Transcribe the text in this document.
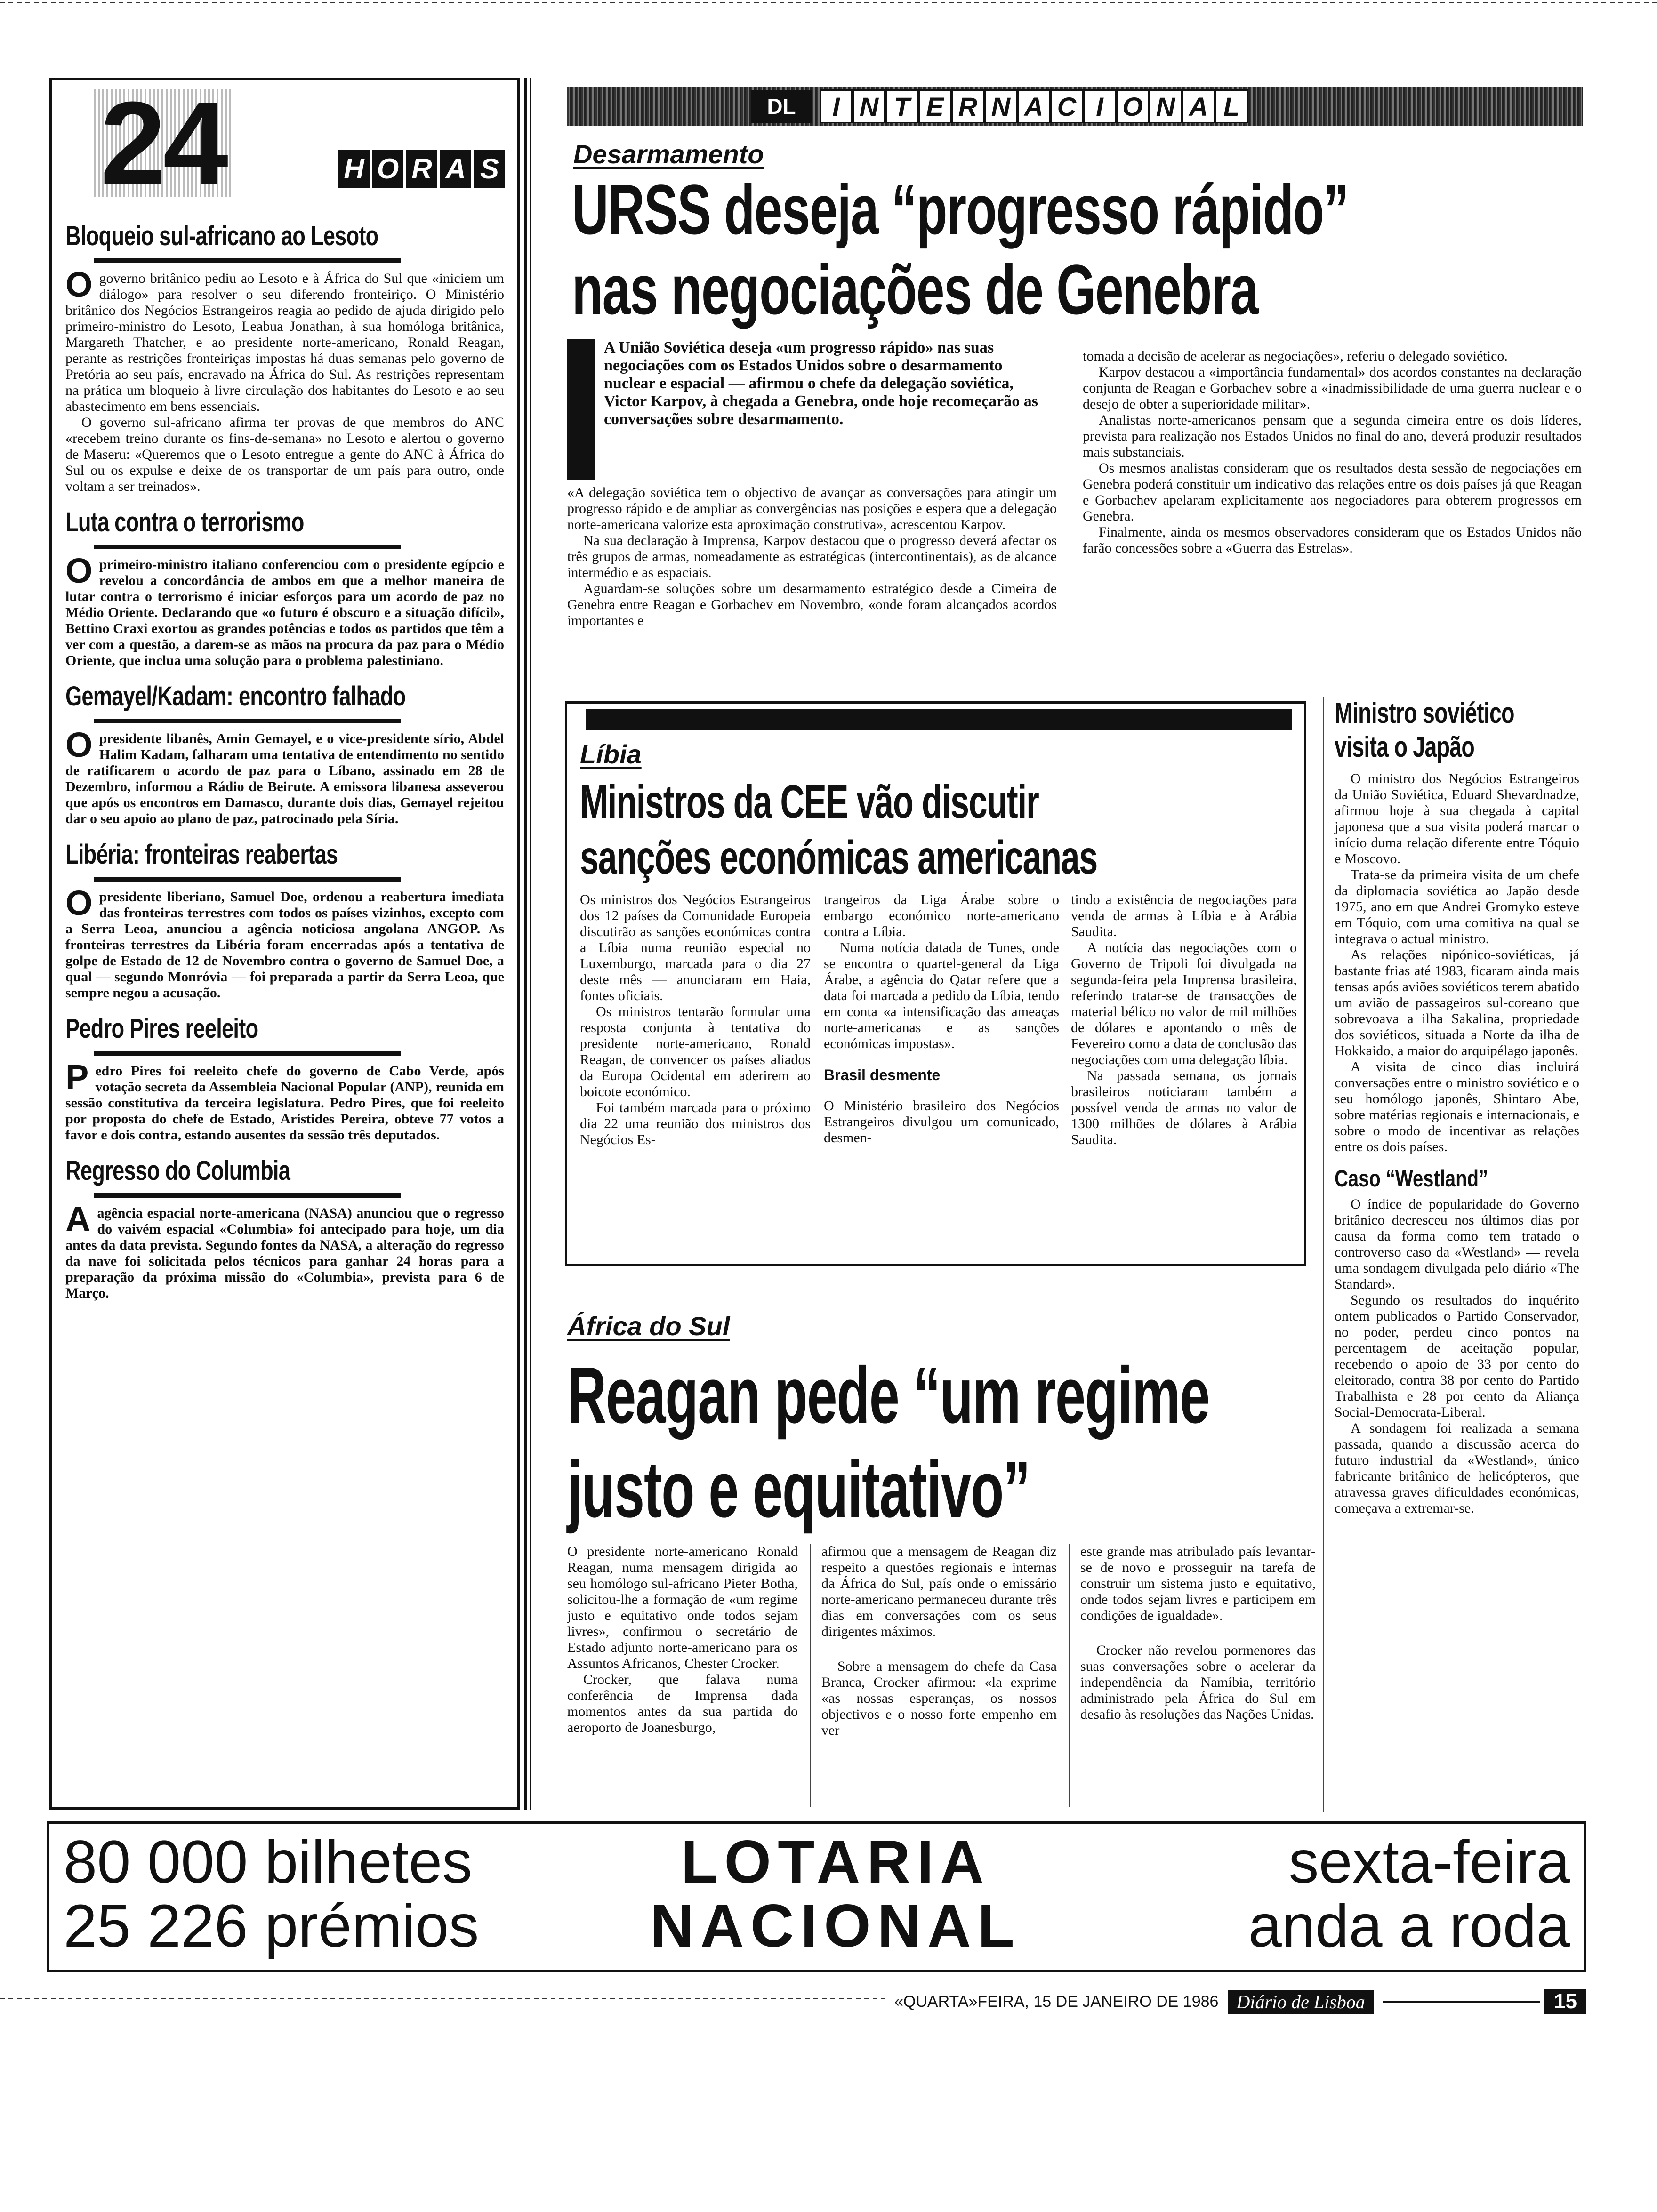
24	H O R A S
Bloqueio sul-africano ao Lesoto

O governo britânico pediu ao Lesoto e à África do Sul que «iniciem um diálogo» para resolver o seu diferendo fronteiriço. O Ministério britânico dos Negócios Estrangeiros reagia ao pedido de ajuda dirigido pelo primeiro-ministro do Lesoto, Leabua Jonathan, à sua homóloga britânica, Margareth Thatcher, e ao presidente norte-americano, Ronald Reagan, perante as restrições fronteiriças impostas há duas semanas pelo governo de Pretória ao seu país, encravado na África do Sul. As restrições representam na prática um bloqueio à livre circulação dos habitantes do Lesoto e ao seu abastecimento em bens essenciais.

O governo sul-africano afirma ter provas de que membros do ANC «recebem treino durante os fins-de-semana» no Lesoto e alertou o governo de Maseru: «Queremos que o Lesoto entregue a gente do ANC à África do Sul ou os expulse e deixe de os transportar de um país para outro, onde voltam a ser treinados».

Luta contra o terrorismo

O primeiro-ministro italiano conferenciou com o presidente egípcio e revelou a concordância de ambos em que a melhor maneira de lutar contra o terrorismo é iniciar esforços para um acordo de paz no Médio Oriente. Declarando que «o futuro é obscuro e a situação difícil», Bettino Craxi exortou as grandes potências e todos os partidos que têm a ver com a questão, a darem-se as mãos na procura da paz para o Médio Oriente, que inclua uma solução para o problema palestiniano.

Gemayel/Kadam: encontro falhado

O presidente libanês, Amin Gemayel, e o vice-presidente sírio, Abdel Halim Kadam, falharam uma tentativa de entendimento no sentido de ratificarem o acordo de paz para o Líbano, assinado em 28 de Dezembro, informou a Rádio de Beirute. A emissora libanesa asseverou que após os encontros em Damasco, durante dois dias, Gemayel rejeitou dar o seu apoio ao plano de paz, patrocinado pela Síria.

Libéria: fronteiras reabertas

O presidente liberiano, Samuel Doe, ordenou a reabertura imediata das fronteiras terrestres com todos os países vizinhos, excepto com a Serra Leoa, anunciou a agência noticiosa angolana ANGOP. As fronteiras terrestres da Libéria foram encerradas após a tentativa de golpe de Estado de 12 de Novembro contra o governo de Samuel Doe, a qual — segundo Monróvia — foi preparada a partir da Serra Leoa, que sempre negou a acusação.

Pedro Pires reeleito

Pedro Pires foi reeleito chefe do governo de Cabo Verde, após votação secreta da Assembleia Nacional Popular (ANP), reunida em sessão constitutiva da terceira legislatura. Pedro Pires, que foi reeleito por proposta do chefe de Estado, Aristides Pereira, obteve 77 votos a favor e dois contra, estando ausentes da sessão três deputados.

Regresso do Columbia

A agência espacial norte-americana (NASA) anunciou que o regresso do vaivém espacial «Columbia» foi antecipado para hoje, um dia antes da data prevista. Segundo fontes da NASA, a alteração do regresso da nave foi solicitada pelos técnicos para ganhar 24 horas para a preparação da próxima missão do «Columbia», prevista para 6 de Março.

DL	I N T E R N A C I O N A L
Desarmamento
URSS deseja “progresso rápido” nas negociações de Genebra

A União Soviética deseja «um progresso rápido» nas suas negociações com os Estados Unidos sobre o desarmamento nuclear e espacial — afirmou o chefe da delegação soviética, Victor Karpov, à chegada a Genebra, onde hoje recomeçarão as conversações sobre desarmamento.

«A delegação soviética tem o objectivo de avançar as conversações para atingir um progresso rápido e de ampliar as convergências nas posições e espera que a delegação norte-americana valorize esta aproximação construtiva», acrescentou Karpov.

Na sua declaração à Imprensa, Karpov destacou que o progresso deverá afectar os três grupos de armas, nomeadamente as estratégicas (intercontinentais), as de alcance intermédio e as espaciais.

Aguardam-se soluções sobre um desarmamento estratégico desde a Cimeira de Genebra entre Reagan e Gorbachev em Novembro, «onde foram alcançados acordos importantes e

tomada a decisão de acelerar as negociações», referiu o delegado soviético.

Karpov destacou a «importância fundamental» dos acordos constantes na declaração conjunta de Reagan e Gorbachev sobre a «inadmissibilidade de uma guerra nuclear e o desejo de obter a superioridade militar».

Analistas norte-americanos pensam que a segunda cimeira entre os dois líderes, prevista para realização nos Estados Unidos no final do ano, deverá produzir resultados mais substanciais.

Os mesmos analistas consideram que os resultados desta sessão de negociações em Genebra poderá constituir um indicativo das relações entre os dois países já que Reagan e Gorbachev apelaram explicitamente aos negociadores para obterem progressos em Genebra.

Finalmente, ainda os mesmos observadores consideram que os Estados Unidos não farão concessões sobre a «Guerra das Estrelas».

Líbia
Ministros da CEE vão discutir
sanções económicas americanas

Os ministros dos Negócios Estrangeiros dos 12 países da Comunidade Europeia discutirão as sanções económicas contra a Líbia numa reunião especial no Luxemburgo, marcada para o dia 27 deste mês — anunciaram em Haia, fontes oficiais.

Os ministros tentarão formular uma resposta conjunta à tentativa do presidente norte-americano, Ronald Reagan, de convencer os países aliados da Europa Ocidental em aderirem ao boicote económico.

Foi também marcada para o próximo dia 22 uma reunião dos ministros dos Negócios Es-

trangeiros da Liga Árabe sobre o embargo económico norte-americano contra a Líbia.

Numa notícia datada de Tunes, onde se encontra o quartel-general da Liga Árabe, a agência do Qatar refere que a data foi marcada a pedido da Líbia, tendo em conta «a intensificação das ameaças norte-americanas e as sanções económicas impostas».

Brasil desmente

O Ministério brasileiro dos Negócios Estrangeiros divulgou um comunicado, desmen-

tindo a existência de negociações para venda de armas à Líbia e à Arábia Saudita.

A notícia das negociações com o Governo de Tripoli foi divulgada na segunda-feira pela Imprensa brasileira, referindo tratar-se de transacções de material bélico no valor de mil milhões de dólares e apontando o mês de Fevereiro como a data de conclusão das negociações com uma delegação líbia.

Na passada semana, os jornais brasileiros noticiaram também a possível venda de armas no valor de 1300 milhões de dólares à Arábia Saudita.

Ministro soviético
visita o Japão

O ministro dos Negócios Estrangeiros da União Soviética, Eduard Shevardnadze, afirmou hoje à sua chegada à capital japonesa que a sua visita poderá marcar o início duma relação diferente entre Tóquio e Moscovo.

Trata-se da primeira visita de um chefe da diplomacia soviética ao Japão desde 1975, ano em que Andrei Gromyko esteve em Tóquio, com uma comitiva na qual se integrava o actual ministro.

As relações nipónico-soviéticas, já bastante frias até 1983, ficaram ainda mais tensas após aviões soviéticos terem abatido um avião de passageiros sul-coreano que sobrevoava a ilha Sakalina, propriedade dos soviéticos, situada a Norte da ilha de Hokkaido, a maior do arquipélago japonês.

A visita de cinco dias incluirá conversações entre o ministro soviético e o seu homólogo japonês, Shintaro Abe, sobre matérias regionais e internacionais, e sobre o modo de incentivar as relações entre os dois países.

Caso “Westland”

O índice de popularidade do Governo britânico decresceu nos últimos dias por causa da forma como tem tratado o controverso caso da «Westland» — revela uma sondagem divulgada pelo diário «The Standard».

Segundo os resultados do inquérito ontem publicados o Partido Conservador, no poder, perdeu cinco pontos na percentagem de aceitação popular, recebendo o apoio de 33 por cento do eleitorado, contra 38 por cento do Partido Trabalhista e 28 por cento da Aliança Social-Democrata-Liberal.

A sondagem foi realizada a semana passada, quando a discussão acerca do futuro industrial da «Westland», único fabricante britânico de helicópteros, que atravessa graves dificuldades económicas, começava a extremar-se.

África do Sul
Reagan pede “um regime
justo e equitativo”

O presidente norte-americano Ronald Reagan, numa mensagem dirigida ao seu homólogo sul-africano Pieter Botha, solicitou-lhe a formação de «um regime justo e equitativo onde todos sejam livres», confirmou o secretário de Estado adjunto norte-americano para os Assuntos Africanos, Chester Crocker.

Crocker, que falava numa conferência de Imprensa dada momentos antes da sua partida do aeroporto de Joanesburgo,

afirmou que a mensagem de Reagan diz respeito a questões regionais e internas da África do Sul, país onde o emissário norte-americano permaneceu durante três dias em conversações com os seus dirigentes máximos.

Sobre a mensagem do chefe da Casa Branca, Crocker afirmou: «la exprime «as nossas esperanças, os nossos objectivos e o nosso forte empenho em ver

este grande mas atribulado país levantar-se de novo e prosseguir na tarefa de construir um sistema justo e equitativo, onde todos sejam livres e participem em condições de igualdade».

Crocker não revelou pormenores das suas conversações sobre o acelerar da independência da Namíbia, território administrado pela África do Sul em desafio às resoluções das Nações Unidas.

80 000 bilhetes
25 226 prémios
LOTARIA
NACIONAL
sexta-feira
anda a roda
«QUARTA»FEIRA, 15 DE JANEIRO DE 1986 Diário de Lisboa	15
